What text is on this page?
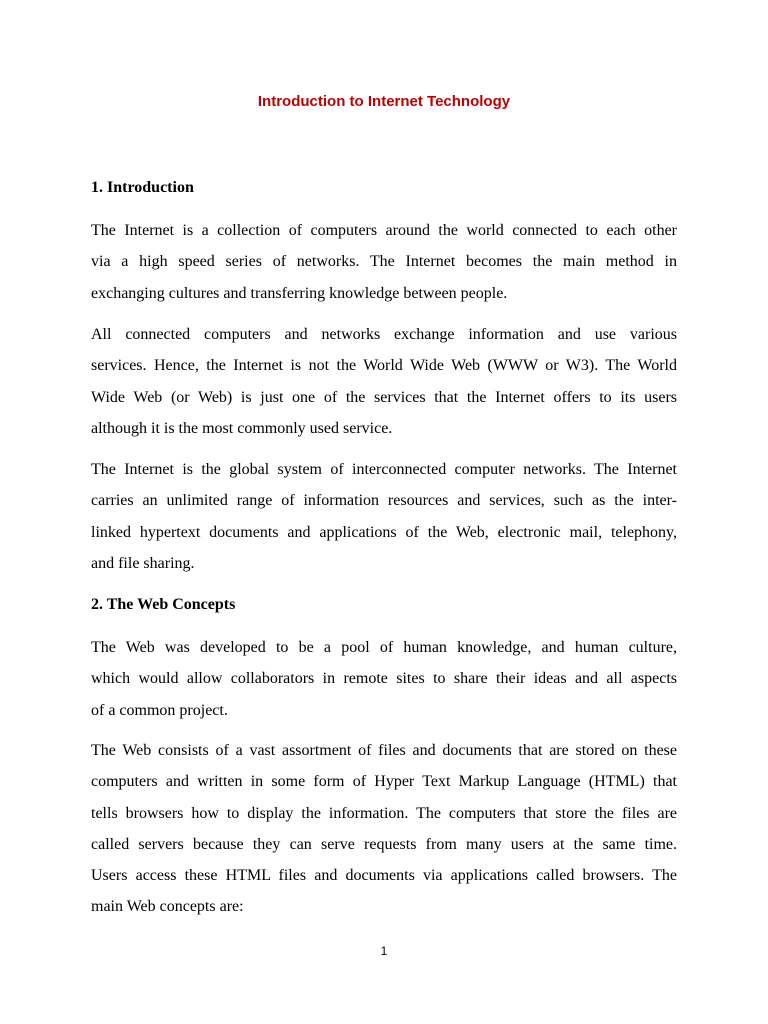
Introduction to Internet Technology
1. Introduction
The Internet is a collection of computers around the world connected to each other
via a high speed series of networks. The Internet becomes the main method in
exchanging cultures and transferring knowledge between people.
All connected computers and networks exchange information and use various
services. Hence, the Internet is not the World Wide Web (WWW or W3). The World
Wide Web (or Web) is just one of the services that the Internet offers to its users
although it is the most commonly used service.
The Internet is the global system of interconnected computer networks. The Internet
carries an unlimited range of information resources and services, such as the inter-
linked hypertext documents and applications of the Web, electronic mail, telephony,
and file sharing.
2. The Web Concepts
The Web was developed to be a pool of human knowledge, and human culture,
which would allow collaborators in remote sites to share their ideas and all aspects
of a common project.
The Web consists of a vast assortment of files and documents that are stored on these
computers and written in some form of Hyper Text Markup Language (HTML) that
tells browsers how to display the information. The computers that store the files are
called servers because they can serve requests from many users at the same time.
Users access these HTML files and documents via applications called browsers. The
main Web concepts are:
1
